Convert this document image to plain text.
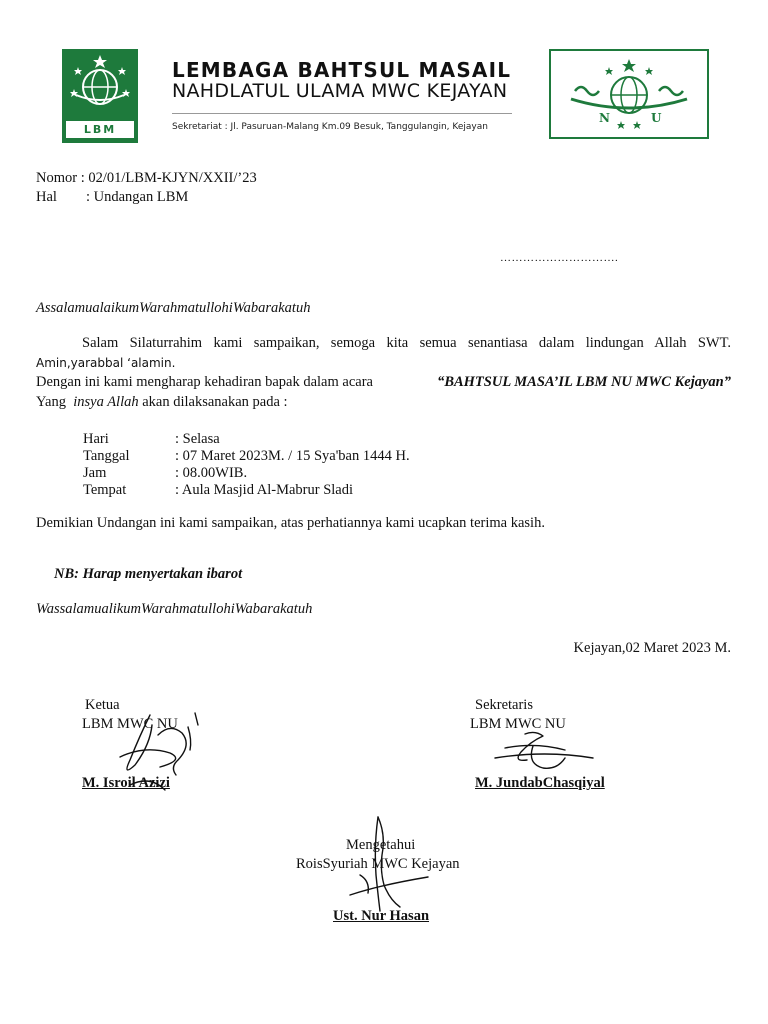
LBM
LEMBAGA BAHTSUL MASAIL
NAHDLATUL ULAMA MWC KEJAYAN
Sekretariat : Jl. Pasuruan-Malang Km.09 Besuk, Tanggulangin, Kejayan
N	U
Nomor : 02/01/LBM-KJYN/XXII/’23
Hal : Undangan LBM
………………………….
AssalamualaikumWarahmatullohiWabarakatuh
Salam Silaturrahim kami sampaikan, semoga kita semua senantiasa dalam lindungan Allah SWT.
Amin,yarabbal ‘alamin.
Dengan ini kami mengharap kehadiran bapak dalam acara	“BAHTSUL MASA’IL LBM NU MWC Kejayan”
Yang insya Allah akan dilaksanakan pada :
Hari	: Selasa
Tanggal	: 07 Maret 2023M. / 15 Sya'ban 1444 H.
Jam	: 08.00WIB.
Tempat	: Aula Masjid Al-Mabrur Sladi
Demikian Undangan ini kami sampaikan, atas perhatiannya kami ucapkan terima kasih.
NB: Harap menyertakan ibarot
WassalamualikumWarahmatullohiWabarakatuh
Kejayan,02 Maret 2023 M.
Ketua
LBM MWC NU
M. Isroil Azizi
Sekretaris
LBM MWC NU
M. JundabChasqiyal
Mengetahui
RoisSyuriah MWC Kejayan
Ust. Nur Hasan
